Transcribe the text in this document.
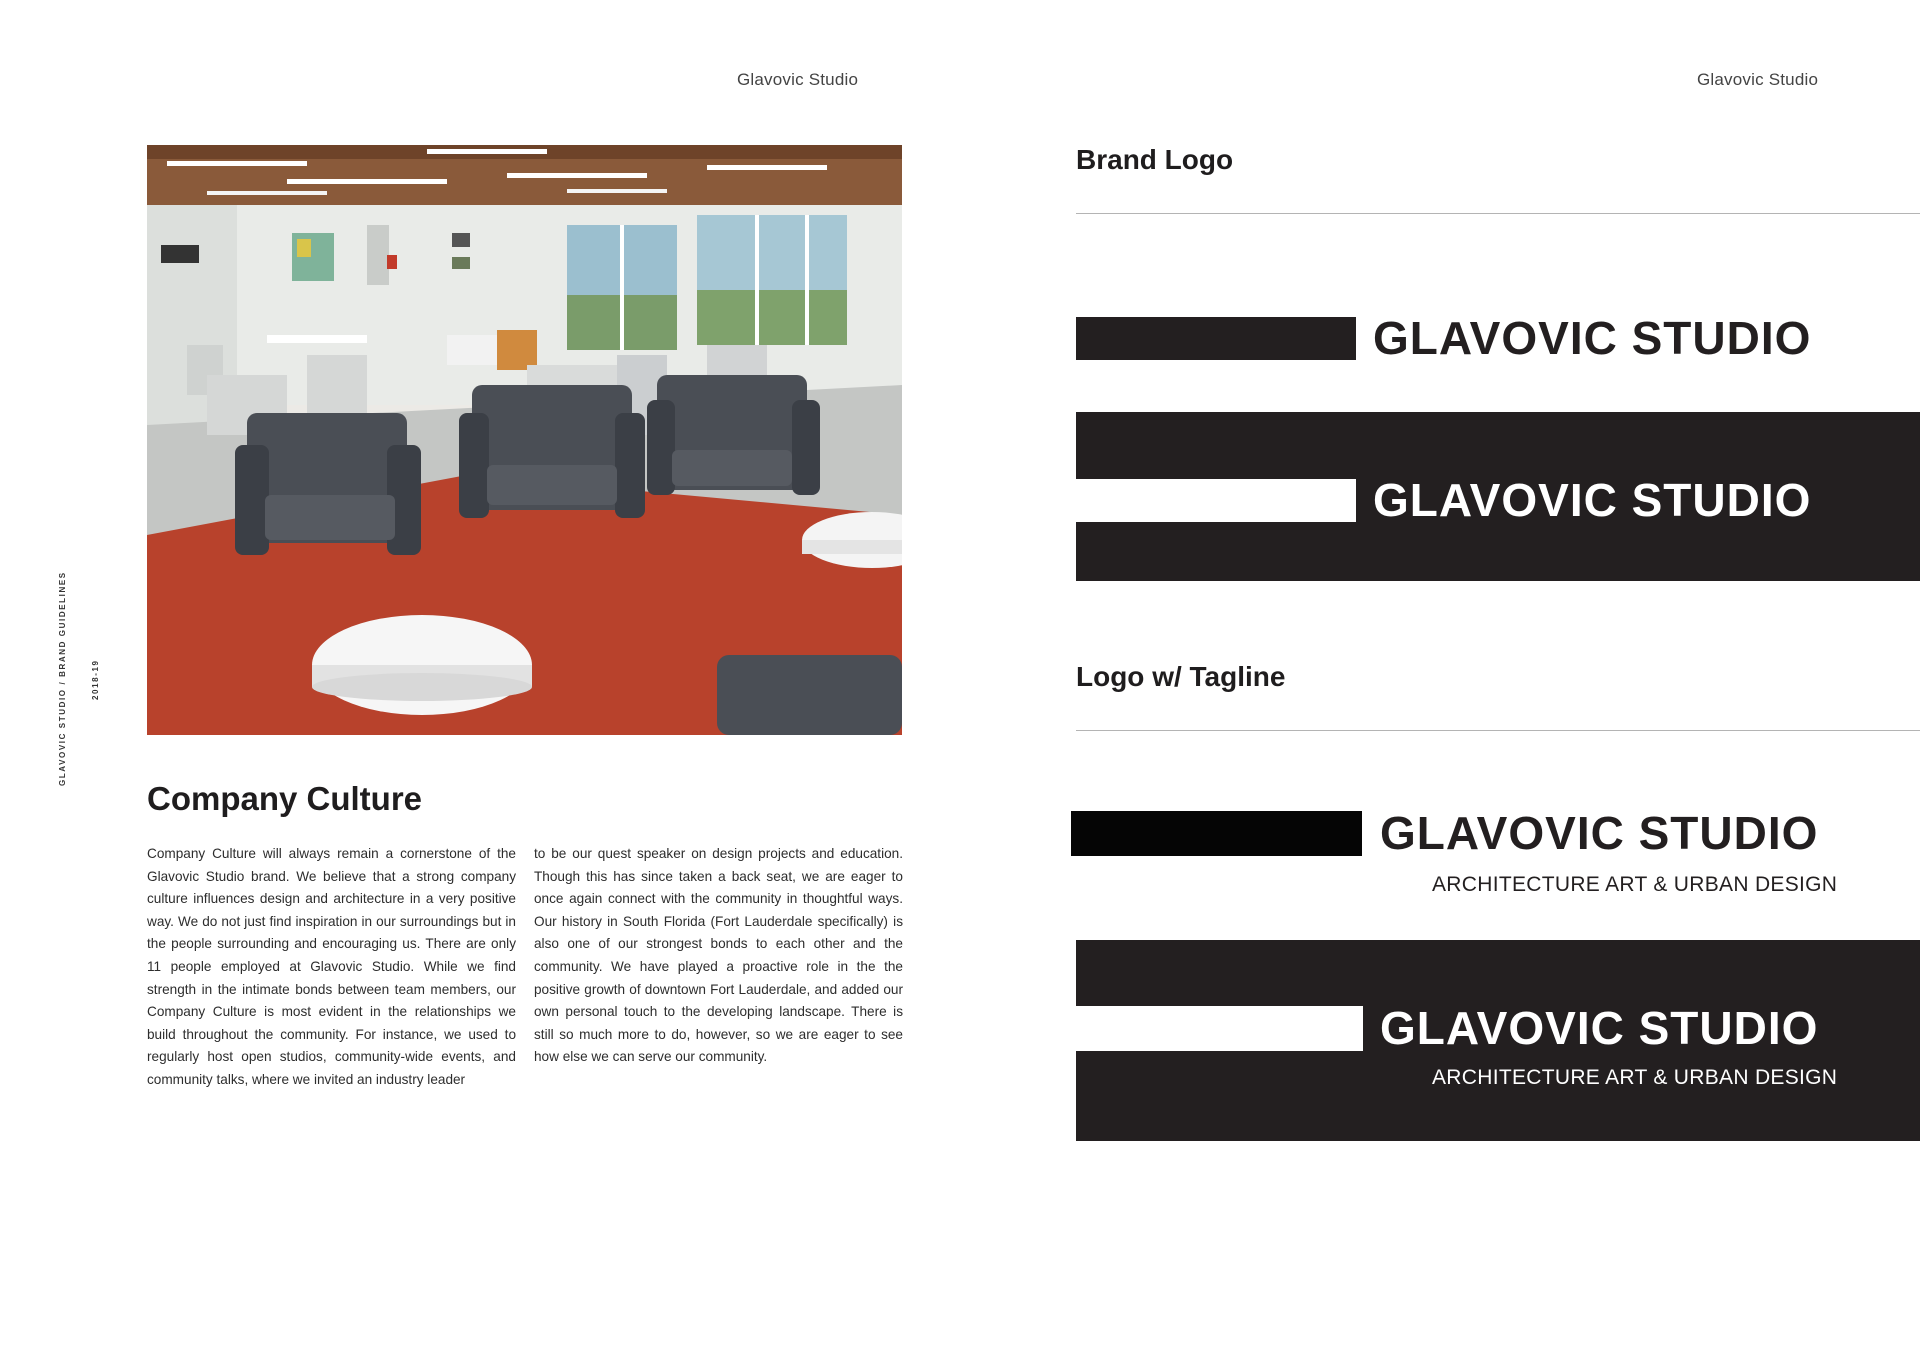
Glavovic Studio	Glavovic Studio
GLAVOVIC STUDIO / BRAND GUIDELINES	2018-19
Company Culture
Company Culture will always remain a cornerstone of the Glavovic Studio brand. We believe that a strong company culture influences design and architecture in a very positive way. We do not just find inspiration in our surroundings but in the people surrounding and encouraging us. There are only 11 people employed at Glavovic Studio. While we find strength in the intimate bonds between team members, our Company Culture is most evident in the relationships we build throughout the community. For instance, we used to regularly host open studios, community-wide events, and community talks, where we invited an industry leader
to be our quest speaker on design projects and education. Though this has since taken a back seat, we are eager to once again connect with the community in thoughtful ways. Our history in South Florida (Fort Lauderdale specifically) is also one of our strongest bonds to each other and the community. We have played a proactive role in the the positive growth of downtown Fort Lauderdale, and added our own personal touch to the developing landscape. There is still so much more to do, however, so we are eager to see how else we can serve our community.
Brand Logo
GLAVOVIC STUDIO
GLAVOVIC STUDIO
Logo w/ Tagline
GLAVOVIC STUDIO
ARCHITECTURE ART & URBAN DESIGN
GLAVOVIC STUDIO
ARCHITECTURE ART & URBAN DESIGN
